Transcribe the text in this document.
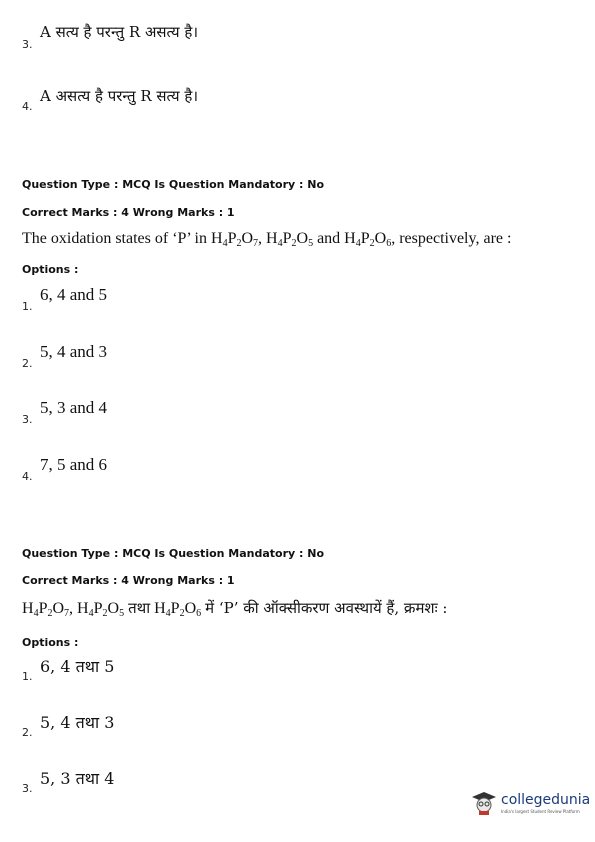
3.
A सत्य है परन्तु R असत्य है।
4.
A असत्य है परन्तु R सत्य है।
Question Type : MCQ Is Question Mandatory : No
Correct Marks : 4 Wrong Marks : 1
The oxidation states of ‘P’ in $H_4P_2O_7$, $H_4P_2O_5$ and $H_4P_2O_6$, respectively, are :
Options :
1.
6, 4 and 5
2.
5, 4 and 3
3.
5, 3 and 4
4.
7, 5 and 6
Question Type : MCQ Is Question Mandatory : No
Correct Marks : 4 Wrong Marks : 1
$H_4P_2O_7$, $H_4P_2O_5$ तथा $H_4P_2O_6$ में ‘P’ की ऑक्सीकरण अवस्थायें हैं, क्रमशः :
Options :
1.
6, 4 तथा 5
2.
5, 4 तथा 3
3.
5, 3 तथा 4
collegedunia
India's largest Student Review Platform
